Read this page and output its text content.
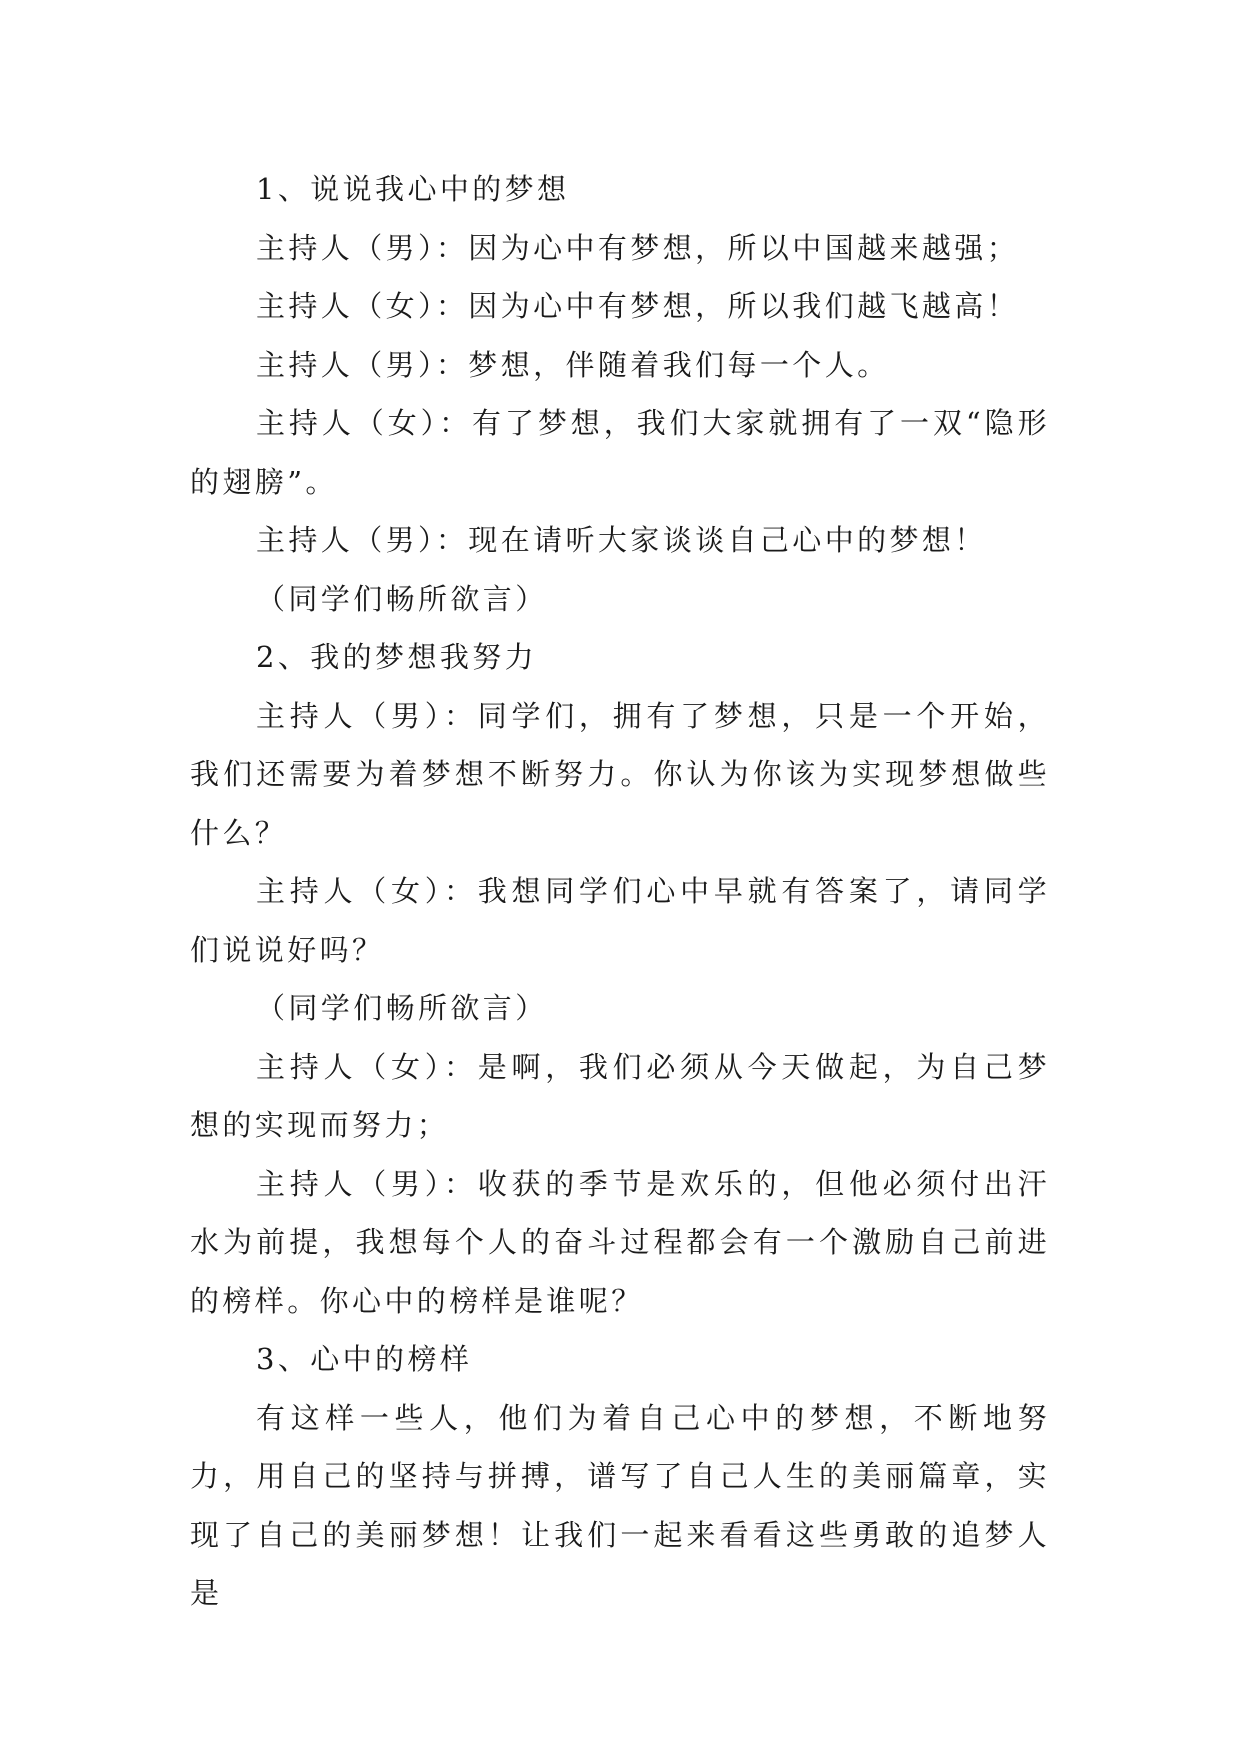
1、说说我心中的梦想

主持人（男）：因为心中有梦想，所以中国越来越强；

主持人（女）：因为心中有梦想，所以我们越飞越高！

主持人（男）：梦想，伴随着我们每一个人。

主持人（女）：有了梦想，我们大家就拥有了一双“隐形的翅膀”。

主持人（男）：现在请听大家谈谈自己心中的梦想！

（同学们畅所欲言）

2、我的梦想我努力

主持人（男）：同学们，拥有了梦想，只是一个开始，我们还需要为着梦想不断努力。你认为你该为实现梦想做些什么？

主持人（女）：我想同学们心中早就有答案了，请同学们说说好吗？

（同学们畅所欲言）

主持人（女）：是啊，我们必须从今天做起，为自己梦想的实现而努力；

主持人（男）：收获的季节是欢乐的，但他必须付出汗水为前提，我想每个人的奋斗过程都会有一个激励自己前进的榜样。你心中的榜样是谁呢？

3、心中的榜样

有这样一些人，他们为着自己心中的梦想，不断地努力，用自己的坚持与拼搏，谱写了自己人生的美丽篇章，实现了自己的美丽梦想！让我们一起来看看这些勇敢的追梦人是
